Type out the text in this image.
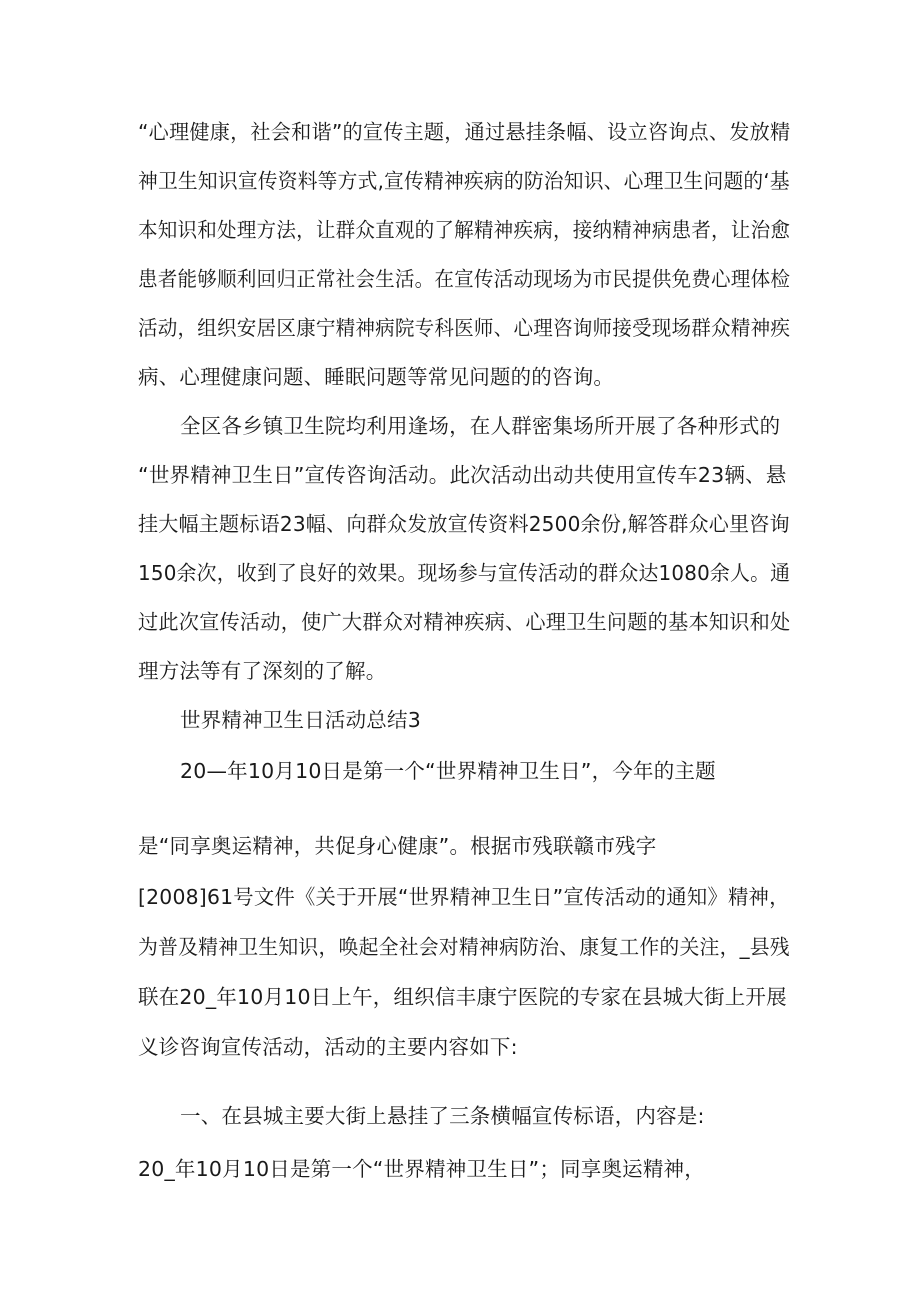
“心理健康，社会和谐”的宣传主题，通过悬挂条幅、设立咨询点、发放精
神卫生知识宣传资料等方式,宣传精神疾病的防治知识、心理卫生问题的‘基
本知识和处理方法，让群众直观的了解精神疾病，接纳精神病患者，让治愈
患者能够顺利回归正常社会生活。在宣传活动现场为市民提供免费心理体检
活动，组织安居区康宁精神病院专科医师、心理咨询师接受现场群众精神疾
病、心理健康问题、睡眠问题等常见问题的的咨询。
全区各乡镇卫生院均利用逢场，在人群密集场所开展了各种形式的
“世界精神卫生日”宣传咨询活动。此次活动出动共使用宣传车23辆、悬
挂大幅主题标语23幅、向群众发放宣传资料2500余份,解答群众心里咨询
150余次，收到了良好的效果。现场参与宣传活动的群众达1080余人。通
过此次宣传活动，使广大群众对精神疾病、心理卫生问题的基本知识和处
理方法等有了深刻的了解。
世界精神卫生日活动总结3
20—年10月10日是第一个“世界精神卫生日”，今年的主题
是“同享奥运精神，共促身心健康”。根据市残联赣市残字
[2008]61号文件《关于开展“世界精神卫生日”宣传活动的通知》精神，
为普及精神卫生知识，唤起全社会对精神病防治、康复工作的关注，_县残
联在20_年10月10日上午，组织信丰康宁医院的专家在县城大街上开展
义诊咨询宣传活动，活动的主要内容如下:
一、在县城主要大街上悬挂了三条横幅宣传标语，内容是:
20_年10月10日是第一个“世界精神卫生日”；同享奥运精神，
